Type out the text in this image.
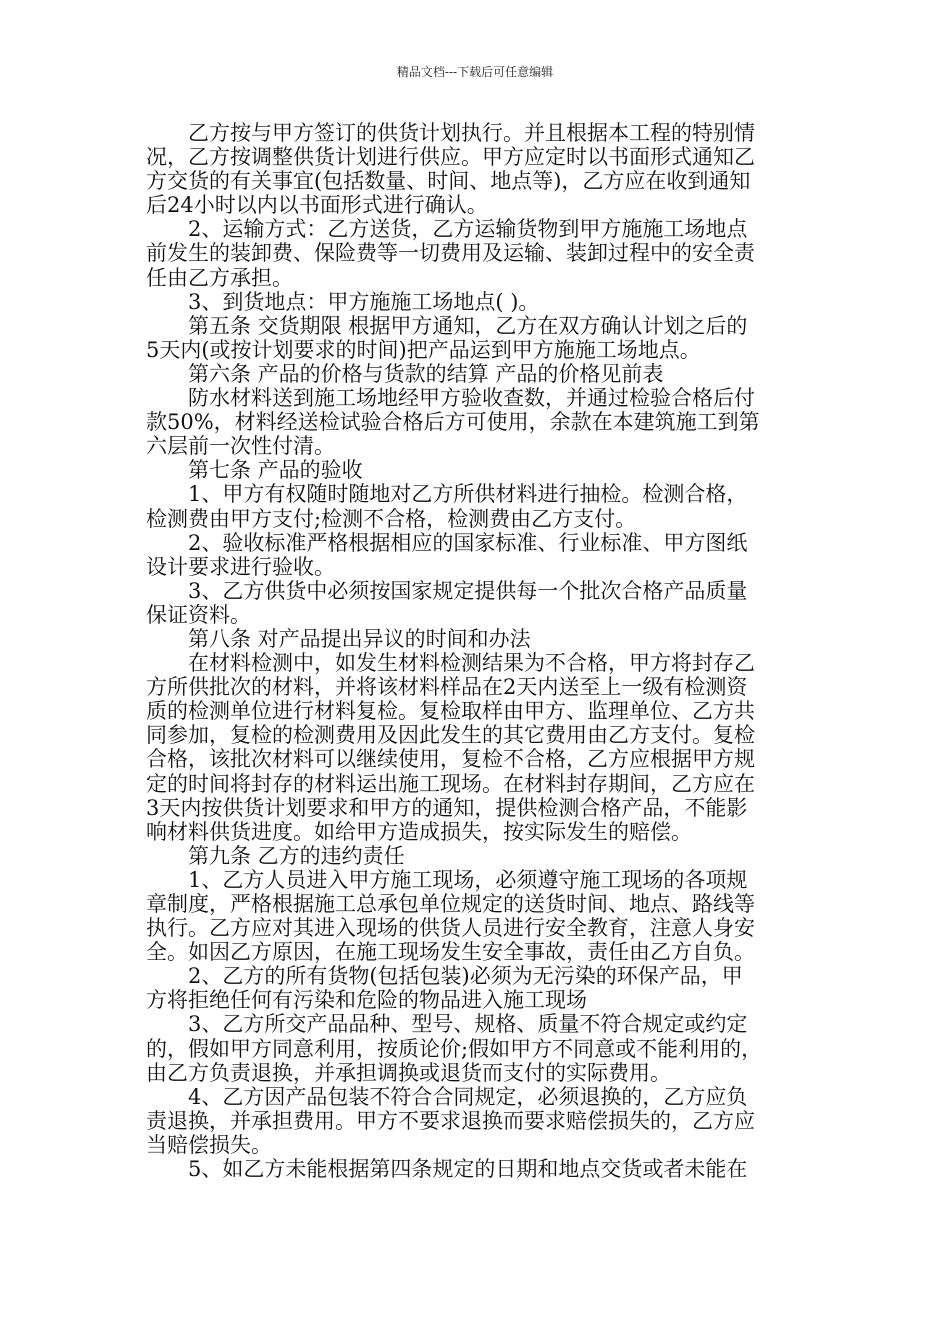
精品文档---下载后可任意编辑

乙方按与甲方签订的供货计划执行。并且根据本工程的特别情
况，乙方按调整供货计划进行供应。甲方应定时以书面形式通知乙
方交货的有关事宜(包括数量、时间、地点等)，乙方应在收到通知
后24小时以内以书面形式进行确认。

2、运输方式：乙方送货，乙方运输货物到甲方施施工场地点
前发生的装卸费、保险费等一切费用及运输、装卸过程中的安全责
任由乙方承担。

3、到货地点：甲方施施工场地点( )。

第五条 交货期限 根据甲方通知，乙方在双方确认计划之后的
5天内(或按计划要求的时间)把产品运到甲方施施工场地点。

第六条 产品的价格与货款的结算 产品的价格见前表

防水材料送到施工场地经甲方验收查数，并通过检验合格后付
款50%，材料经送检试验合格后方可使用，余款在本建筑施工到第
六层前一次性付清。

第七条 产品的验收

1、甲方有权随时随地对乙方所供材料进行抽检。检测合格，
检测费由甲方支付;检测不合格，检测费由乙方支付。

2、验收标准严格根据相应的国家标准、行业标准、甲方图纸
设计要求进行验收。

3、乙方供货中必须按国家规定提供每一个批次合格产品质量
保证资料。

第八条 对产品提出异议的时间和办法

在材料检测中，如发生材料检测结果为不合格，甲方将封存乙
方所供批次的材料，并将该材料样品在2天内送至上一级有检测资
质的检测单位进行材料复检。复检取样由甲方、监理单位、乙方共
同参加，复检的检测费用及因此发生的其它费用由乙方支付。复检
合格，该批次材料可以继续使用，复检不合格，乙方应根据甲方规
定的时间将封存的材料运出施工现场。在材料封存期间，乙方应在
3天内按供货计划要求和甲方的通知，提供检测合格产品，不能影
响材料供货进度。如给甲方造成损失，按实际发生的赔偿。

第九条 乙方的违约责任

1、乙方人员进入甲方施工现场，必须遵守施工现场的各项规
章制度，严格根据施工总承包单位规定的送货时间、地点、路线等
执行。乙方应对其进入现场的供货人员进行安全教育，注意人身安
全。如因乙方原因，在施工现场发生安全事故，责任由乙方自负。

2、乙方的所有货物(包括包装)必须为无污染的环保产品，甲
方将拒绝任何有污染和危险的物品进入施工现场

3、乙方所交产品品种、型号、规格、质量不符合规定或约定
的，假如甲方同意利用，按质论价;假如甲方不同意或不能利用的，
由乙方负责退换，并承担调换或退货而支付的实际费用。

4、乙方因产品包装不符合合同规定，必须退换的，乙方应负
责退换，并承担费用。甲方不要求退换而要求赔偿损失的，乙方应
当赔偿损失。

5、如乙方未能根据第四条规定的日期和地点交货或者未能在
